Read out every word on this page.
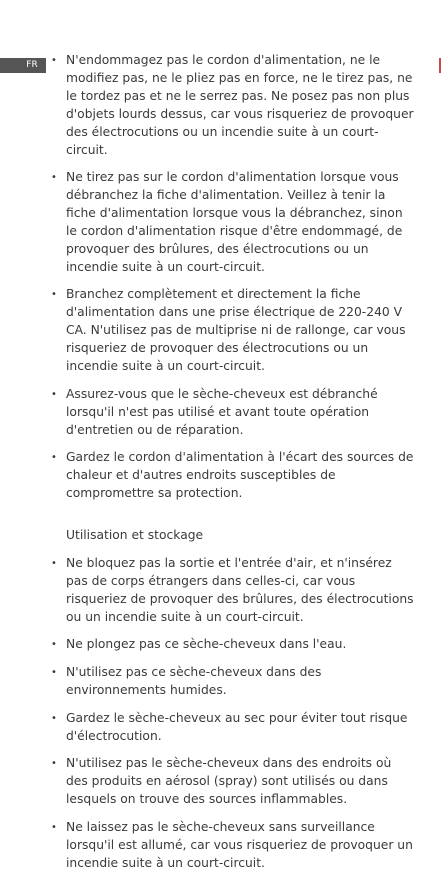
FR	• N'endommagez pas le cordon d'alimentation, ne le modifiez pas, ne le pliez pas en force, ne le tirez pas, ne le tordez pas et ne le serrez pas. Ne posez pas non plus d'objets lourds dessus, car vous risqueriez de provoquer des électrocutions ou un incendie suite à un court-circuit.
• Ne tirez pas sur le cordon d'alimentation lorsque vous débranchez la fiche d'alimentation. Veillez à tenir la fiche d'alimentation lorsque vous la débranchez, sinon le cordon d'alimentation risque d'être endommagé, de provoquer des brûlures, des électrocutions ou un incendie suite à un court-circuit.
• Branchez complètement et directement la fiche d'alimentation dans une prise électrique de 220-240 V CA. N'utilisez pas de multiprise ni de rallonge, car vous risqueriez de provoquer des électrocutions ou un incendie suite à un court-circuit.
• Assurez-vous que le sèche-cheveux est débranché lorsqu'il n'est pas utilisé et avant toute opération d'entretien ou de réparation.
• Gardez le cordon d'alimentation à l'écart des sources de chaleur et d'autres endroits susceptibles de compromettre sa protection.
Utilisation et stockage
• Ne bloquez pas la sortie et l'entrée d'air, et n'insérez pas de corps étrangers dans celles-ci, car vous risqueriez de provoquer des brûlures, des électrocutions ou un incendie suite à un court-circuit.
• Ne plongez pas ce sèche-cheveux dans l'eau.
• N'utilisez pas ce sèche-cheveux dans des environnements humides.
• Gardez le sèche-cheveux au sec pour éviter tout risque d'électrocution.
• N'utilisez pas le sèche-cheveux dans des endroits où des produits en aérosol (spray) sont utilisés ou dans lesquels on trouve des sources inflammables.
• Ne laissez pas le sèche-cheveux sans surveillance lorsqu'il est allumé, car vous risqueriez de provoquer un incendie suite à un court-circuit.
